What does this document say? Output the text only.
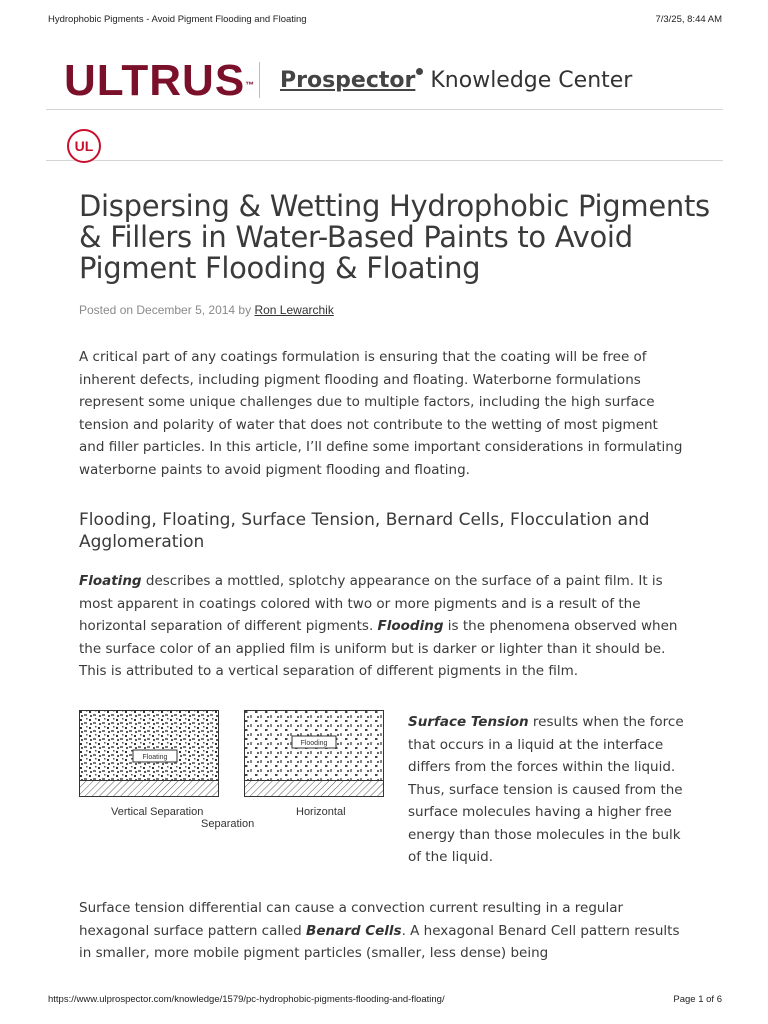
Hydrophobic Pigments - Avoid Pigment Flooding and Floating	7/3/25, 8:44 AM
ULTRUS™ Prospector Knowledge Center
UL
Dispersing & Wetting Hydrophobic Pigments & Fillers in Water-Based Paints to Avoid Pigment Flooding & Floating
Posted on December 5, 2014 by Ron Lewarchik

A critical part of any coatings formulation is ensuring that the coating will be free of inherent defects, including pigment flooding and floating. Waterborne formulations represent some unique challenges due to multiple factors, including the high surface tension and polarity of water that does not contribute to the wetting of most pigment and filler particles. In this article, I’ll define some important considerations in formulating waterborne paints to avoid pigment flooding and floating.

Flooding, Floating, Surface Tension, Bernard Cells, Flocculation and Agglomeration

Floating describes a mottled, splotchy appearance on the surface of a paint film. It is most apparent in coatings colored with two or more pigments and is a result of the horizontal separation of different pigments. Flooding is the phenomena observed when the surface color of an applied film is uniform but is darker or lighter than it should be. This is attributed to a vertical separation of different pigments in the film.

Floating
Flooding
Vertical Separation	Horizontal
Separation

Surface Tension results when the force that occurs in a liquid at the interface differs from the forces within the liquid. Thus, surface tension is caused from the surface molecules having a higher free energy than those molecules in the bulk of the liquid.

Surface tension differential can cause a convection current resulting in a regular hexagonal surface pattern called Benard Cells. A hexagonal Benard Cell pattern results in smaller, more mobile pigment particles (smaller, less dense) being

https://www.ulprospector.com/knowledge/1579/pc-hydrophobic-pigments-flooding-and-floating/	Page 1 of 6
